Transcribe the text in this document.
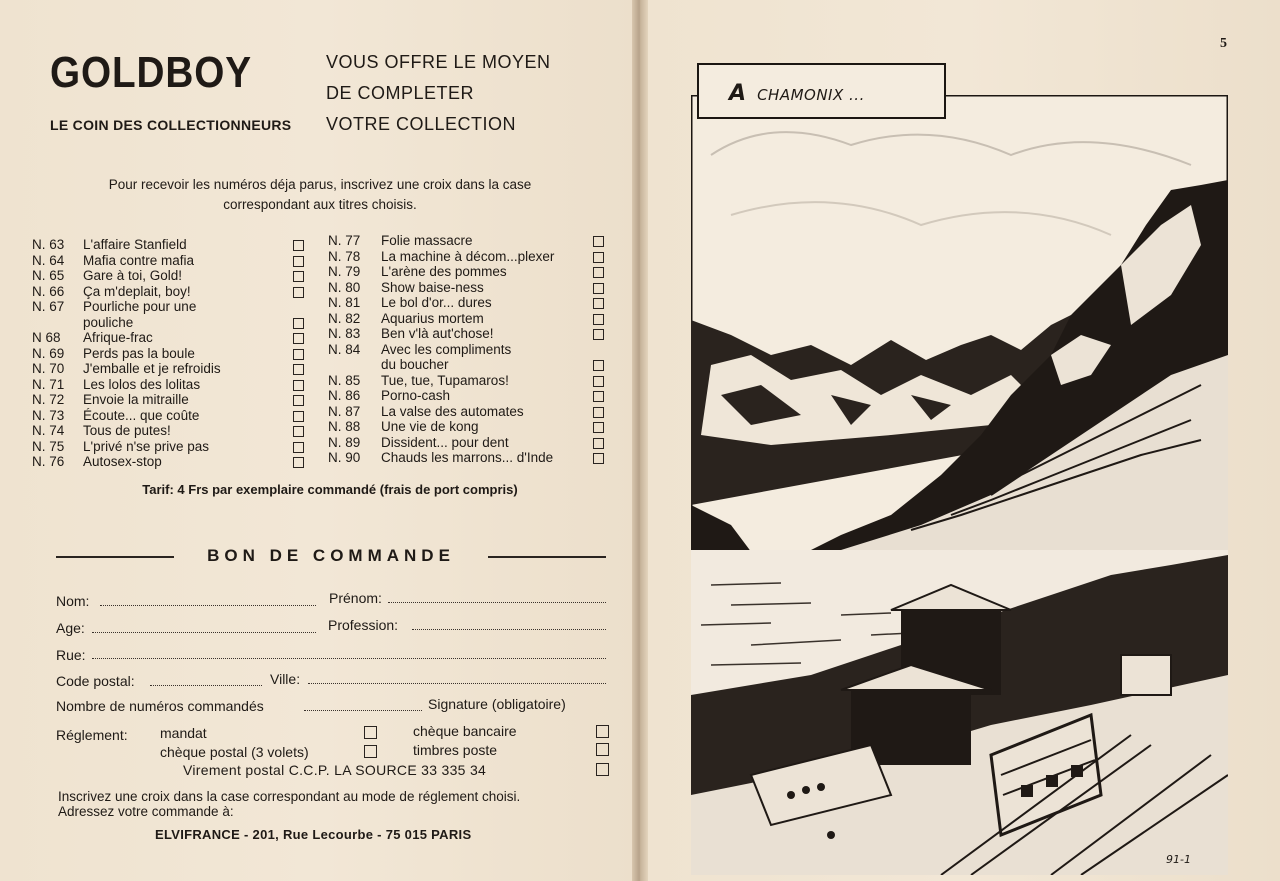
GOLDBOY
LE COIN DES COLLECTIONNEURS
VOUS OFFRE LE MOYEN
DE COMPLETER
VOTRE COLLECTION
Pour recevoir les numéros déja parus, inscrivez une croix dans la case
correspondant aux titres choisis.
N. 63 L'affaire Stanfield
N. 64 Mafia contre mafia
N. 65 Gare à toi, Gold!
N. 66 Ça m'deplait, boy!
N. 67 Pourliche pour une
pouliche
N 68 Afrique-frac
N. 69 Perds pas la boule
N. 70 J'emballe et je refroidis
N. 71 Les lolos des lolitas
N. 72 Envoie la mitraille
N. 73 Écoute... que coûte
N. 74 Tous de putes!
N. 75 L'privé n'se prive pas
N. 76 Autosex-stop
N. 77 Folie massacre
N. 78 La machine à décom...plexer
N. 79 L'arène des pommes
N. 80 Show baise-ness
N. 81 Le bol d'or... dures
N. 82 Aquarius mortem
N. 83 Ben v'là aut'chose!
N. 84 Avec les compliments
du boucher
N. 85 Tue, tue, Tupamaros!
N. 86 Porno-cash
N. 87 La valse des automates
N. 88 Une vie de kong
N. 89 Dissident... pour dent
N. 90 Chauds les marrons... d'Inde
Tarif: 4 Frs par exemplaire commandé (frais de port compris)
BON DE COMMANDE
Nom:	Prénom:
Age:	Profession:
Rue:
Code postal:	Ville:
Nombre de numéros commandés	Signature (obligatoire)
Réglement: mandat	chèque bancaire
chèque postal (3 volets)	timbres poste
Virement postal C.C.P. LA SOURCE 33 335 34
Inscrivez une croix dans la case correspondant au mode de réglement choisi.
Adressez votre commande à:
ELVIFRANCE - 201, Rue Lecourbe - 75 015 PARIS
5
A CHAMONIX ...
91-1
